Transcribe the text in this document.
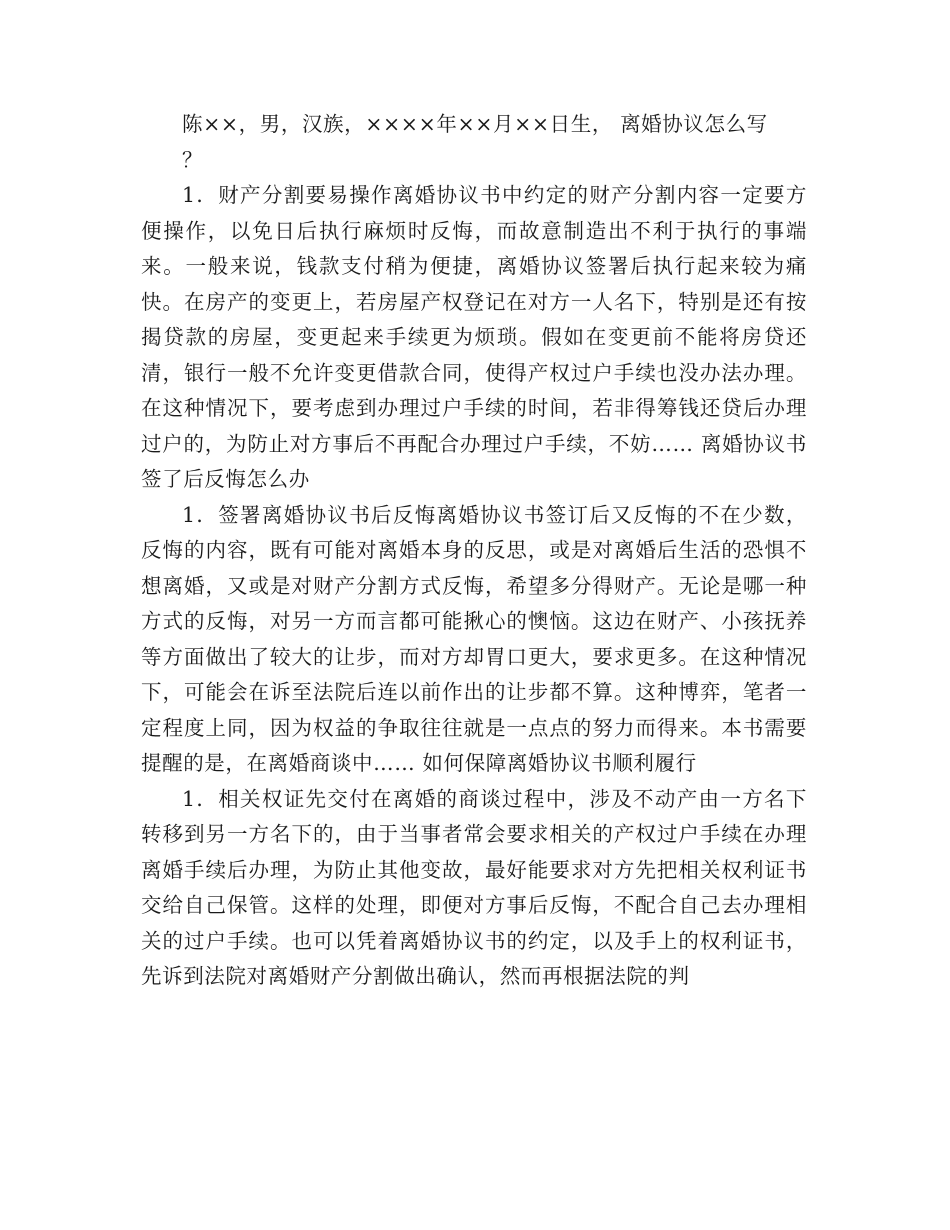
陈××，男，汉族，××××年××月××日生， 离婚协议怎么写

？

1．财产分割要易操作离婚协议书中约定的财产分割内容一定要方便操作，以免日后执行麻烦时反悔，而故意制造出不利于执行的事端来。一般来说，钱款支付稍为便捷，离婚协议签署后执行起来较为痛快。在房产的变更上，若房屋产权登记在对方一人名下，特别是还有按揭贷款的房屋，变更起来手续更为烦琐。假如在变更前不能将房贷还清，银行一般不允许变更借款合同，使得产权过户手续也没办法办理。在这种情况下，要考虑到办理过户手续的时间，若非得筹钱还贷后办理过户的，为防止对方事后不再配合办理过户手续，不妨…… 离婚协议书签了后反悔怎么办

1．签署离婚协议书后反悔离婚协议书签订后又反悔的不在少数，反悔的内容，既有可能对离婚本身的反思，或是对离婚后生活的恐惧不想离婚，又或是对财产分割方式反悔，希望多分得财产。无论是哪一种方式的反悔，对另一方而言都可能揪心的懊恼。这边在财产、小孩抚养等方面做出了较大的让步，而对方却胃口更大，要求更多。在这种情况下，可能会在诉至法院后连以前作出的让步都不算。这种博弈，笔者一定程度上同，因为权益的争取往往就是一点点的努力而得来。本书需要提醒的是，在离婚商谈中…… 如何保障离婚协议书顺利履行

1．相关权证先交付在离婚的商谈过程中，涉及不动产由一方名下转移到另一方名下的，由于当事者常会要求相关的产权过户手续在办理离婚手续后办理，为防止其他变故，最好能要求对方先把相关权利证书交给自己保管。这样的处理，即便对方事后反悔，不配合自己去办理相关的过户手续。也可以凭着离婚协议书的约定，以及手上的权利证书，先诉到法院对离婚财产分割做出确认，然而再根据法院的判
